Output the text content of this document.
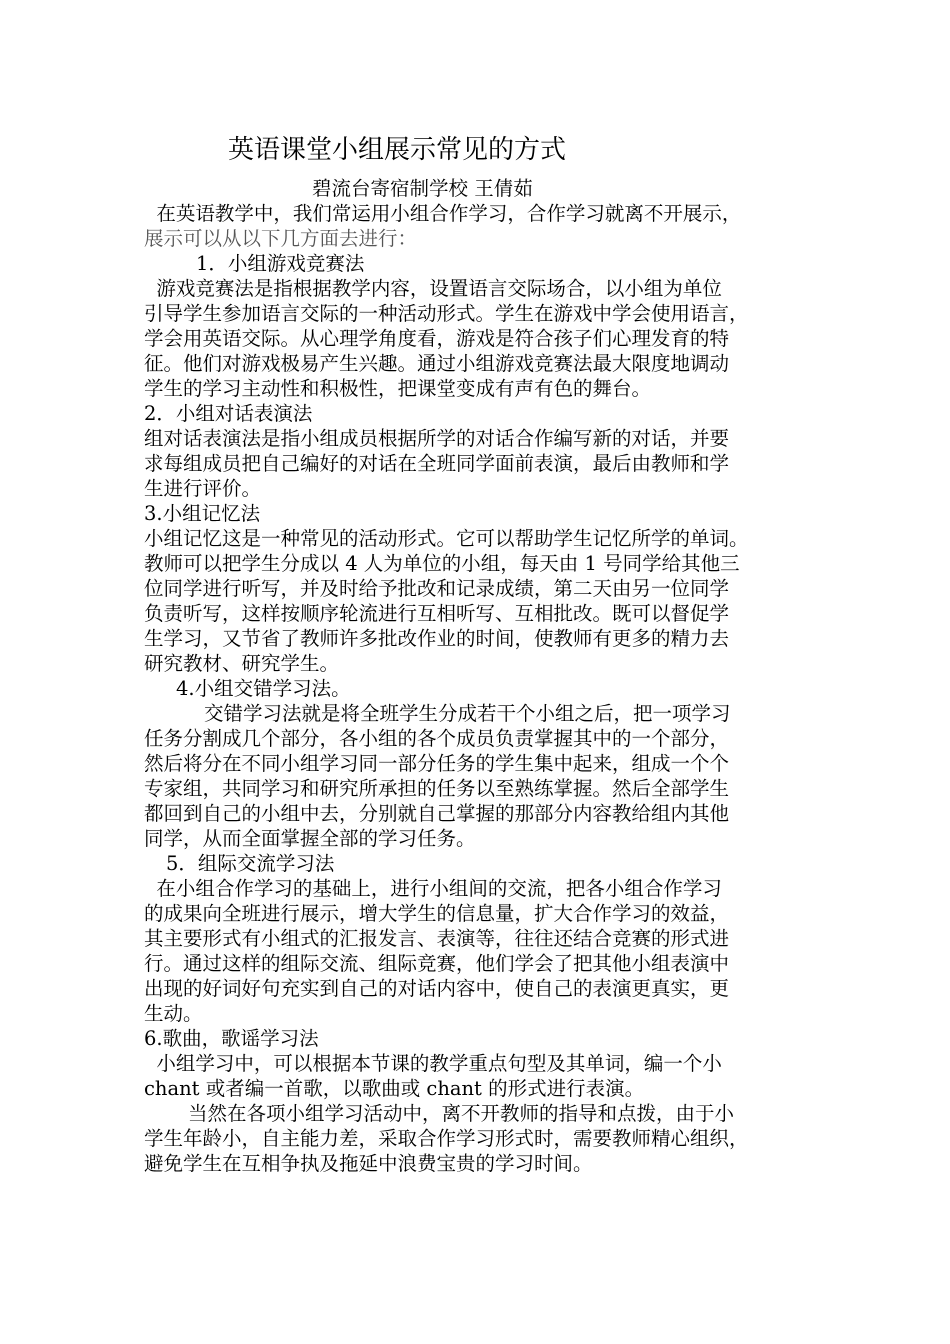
英语课堂小组展示常见的方式
碧流台寄宿制学校 王倩茹
在英语教学中，我们常运用小组合作学习，合作学习就离不开展示，
展示可以从以下几方面去进行：
1．小组游戏竞赛法
游戏竞赛法是指根据教学内容，设置语言交际场合，以小组为单位
引导学生参加语言交际的一种活动形式。学生在游戏中学会使用语言，
学会用英语交际。从心理学角度看，游戏是符合孩子们心理发育的特
征。他们对游戏极易产生兴趣。通过小组游戏竞赛法最大限度地调动
学生的学习主动性和积极性，把课堂变成有声有色的舞台。
2．小组对话表演法
组对话表演法是指小组成员根据所学的对话合作编写新的对话，并要
求每组成员把自己编好的对话在全班同学面前表演，最后由教师和学
生进行评价。
3.小组记忆法
小组记忆这是一种常见的活动形式。它可以帮助学生记忆所学的单词。
教师可以把学生分成以 4 人为单位的小组，每天由 1 号同学给其他三
位同学进行听写，并及时给予批改和记录成绩，第二天由另一位同学
负责听写，这样按顺序轮流进行互相听写、互相批改。既可以督促学
生学习，又节省了教师许多批改作业的时间，使教师有更多的精力去
研究教材、研究学生。
4.小组交错学习法。
交错学习法就是将全班学生分成若干个小组之后，把一项学习
任务分割成几个部分，各小组的各个成员负责掌握其中的一个部分，
然后将分在不同小组学习同一部分任务的学生集中起来，组成一个个
专家组，共同学习和研究所承担的任务以至熟练掌握。然后全部学生
都回到自己的小组中去，分别就自己掌握的那部分内容教给组内其他
同学，从而全面掌握全部的学习任务。
5．组际交流学习法
在小组合作学习的基础上，进行小组间的交流，把各小组合作学习
的成果向全班进行展示，增大学生的信息量，扩大合作学习的效益，
其主要形式有小组式的汇报发言、表演等，往往还结合竞赛的形式进
行。通过这样的组际交流、组际竞赛，他们学会了把其他小组表演中
出现的好词好句充实到自己的对话内容中，使自己的表演更真实，更
生动。
6.歌曲，歌谣学习法
小组学习中，可以根据本节课的教学重点句型及其单词，编一个小
chant 或者编一首歌，以歌曲或 chant 的形式进行表演。
当然在各项小组学习活动中，离不开教师的指导和点拨，由于小
学生年龄小，自主能力差，采取合作学习形式时，需要教师精心组织，
避免学生在互相争执及拖延中浪费宝贵的学习时间。
